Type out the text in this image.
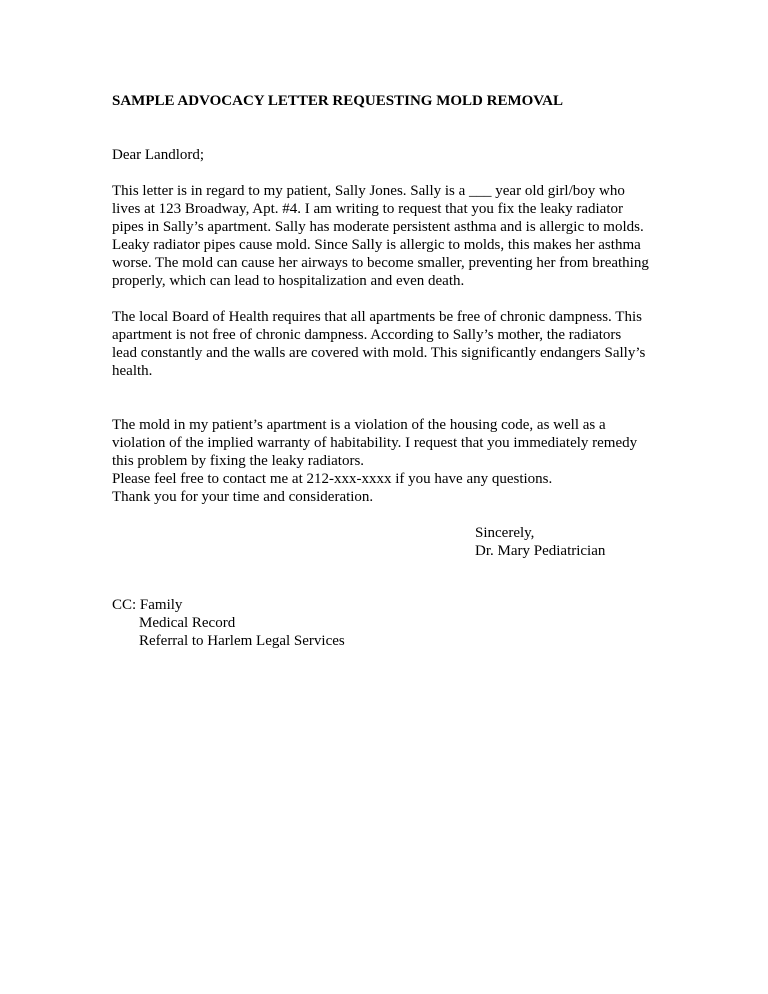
SAMPLE ADVOCACY LETTER REQUESTING MOLD REMOVAL
Dear Landlord;
This letter is in regard to my patient, Sally Jones. Sally is a ___ year old girl/boy who
lives at 123 Broadway, Apt. #4. I am writing to request that you fix the leaky radiator
pipes in Sally’s apartment. Sally has moderate persistent asthma and is allergic to molds.
Leaky radiator pipes cause mold. Since Sally is allergic to molds, this makes her asthma
worse. The mold can cause her airways to become smaller, preventing her from breathing
properly, which can lead to hospitalization and even death.
The local Board of Health requires that all apartments be free of chronic dampness. This
apartment is not free of chronic dampness. According to Sally’s mother, the radiators
lead constantly and the walls are covered with mold. This significantly endangers Sally’s
health.
The mold in my patient’s apartment is a violation of the housing code, as well as a
violation of the implied warranty of habitability. I request that you immediately remedy
this problem by fixing the leaky radiators.
Please feel free to contact me at 212-xxx-xxxx if you have any questions.
Thank you for your time and consideration.
Sincerely,
Dr. Mary Pediatrician
CC: Family
Medical Record
Referral to Harlem Legal Services
